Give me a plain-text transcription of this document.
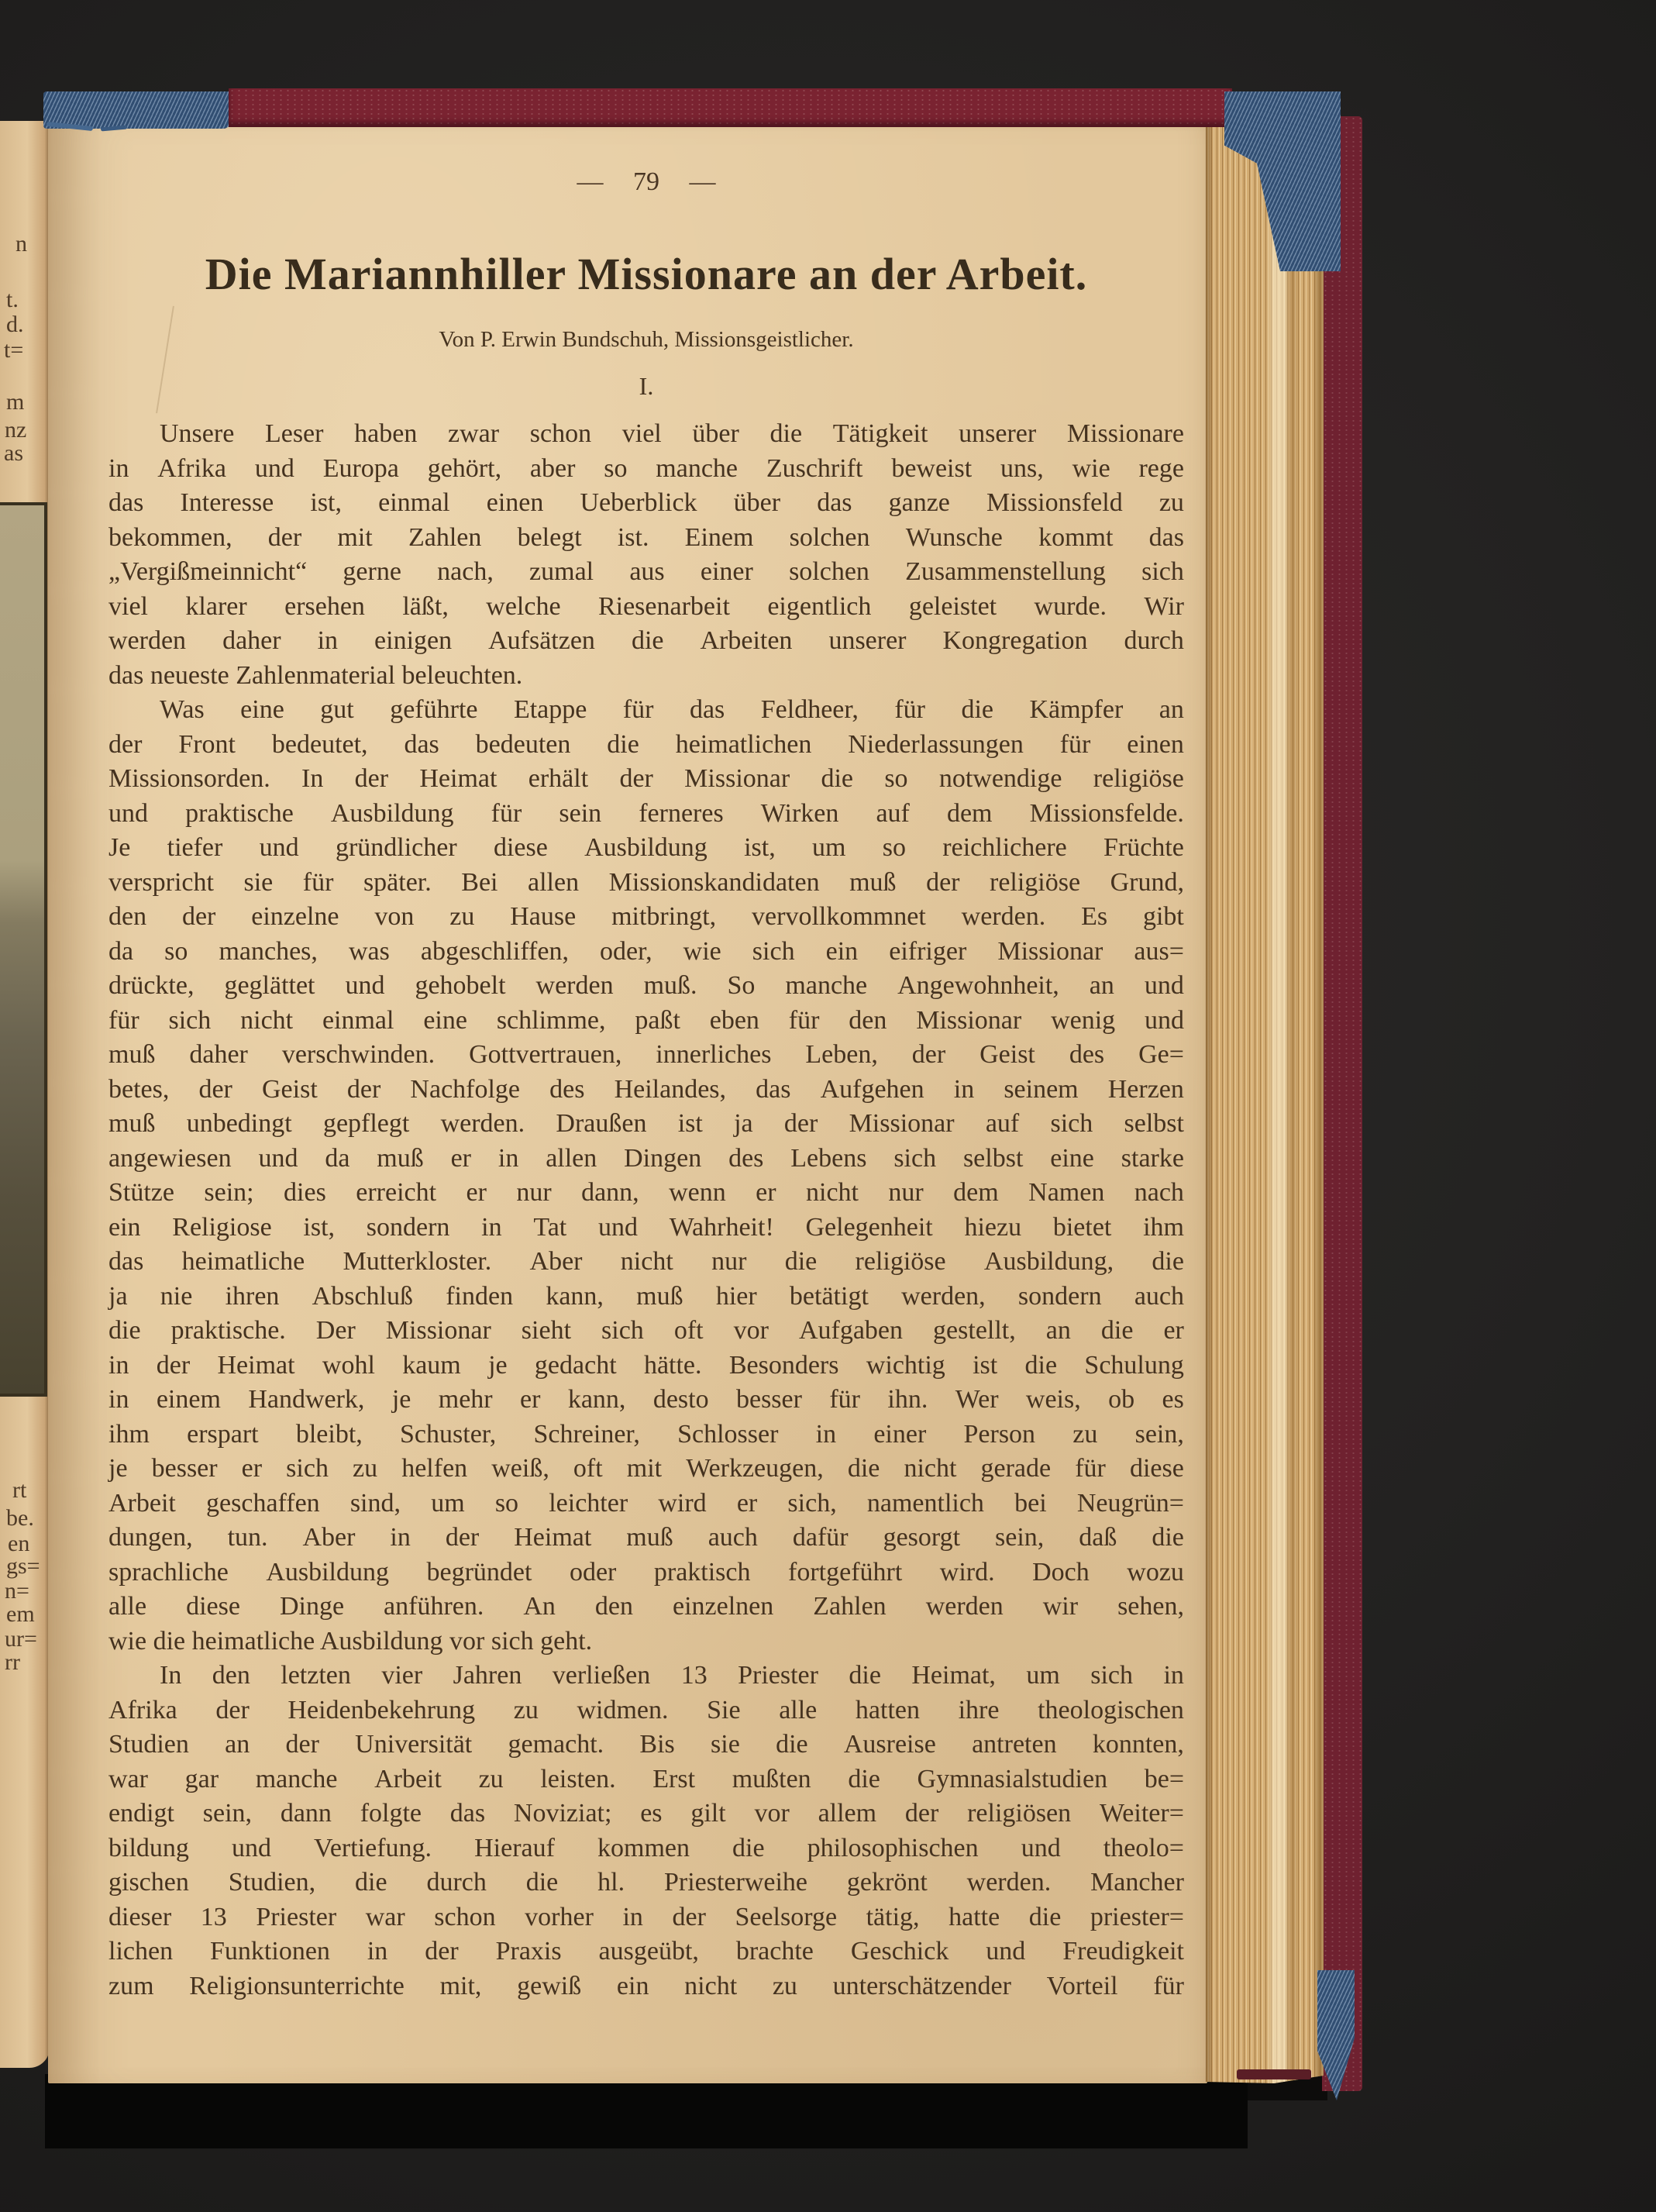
n
t.
d.
t=
m
nz
as
rt
be.
en
gs=
n=
em
ur=
rr
— 79 —
Die Mariannhiller Missionare an der Arbeit.
Von P. Erwin Bundschuh, Missionsgeistlicher.
I.
Unsere Leser haben zwar schon viel über die Tätigkeit unserer Missionare
in Afrika und Europa gehört, aber so manche Zuschrift beweist uns, wie rege
das Interesse ist, einmal einen Ueberblick über das ganze Missionsfeld zu
bekommen, der mit Zahlen belegt ist. Einem solchen Wunsche kommt das
„Vergißmeinnicht“ gerne nach, zumal aus einer solchen Zusammenstellung sich
viel klarer ersehen läßt, welche Riesenarbeit eigentlich geleistet wurde. Wir
werden daher in einigen Aufsätzen die Arbeiten unserer Kongregation durch
das neueste Zahlenmaterial beleuchten.
Was eine gut geführte Etappe für das Feldheer, für die Kämpfer an
der Front bedeutet, das bedeuten die heimatlichen Niederlassungen für einen
Missionsorden. In der Heimat erhält der Missionar die so notwendige religiöse
und praktische Ausbildung für sein ferneres Wirken auf dem Missionsfelde.
Je tiefer und gründlicher diese Ausbildung ist, um so reichlichere Früchte
verspricht sie für später. Bei allen Missionskandidaten muß der religiöse Grund,
den der einzelne von zu Hause mitbringt, vervollkommnet werden. Es gibt
da so manches, was abgeschliffen, oder, wie sich ein eifriger Missionar aus=
drückte, geglättet und gehobelt werden muß. So manche Angewohnheit, an und
für sich nicht einmal eine schlimme, paßt eben für den Missionar wenig und
muß daher verschwinden. Gottvertrauen, innerliches Leben, der Geist des Ge=
betes, der Geist der Nachfolge des Heilandes, das Aufgehen in seinem Herzen
muß unbedingt gepflegt werden. Draußen ist ja der Missionar auf sich selbst
angewiesen und da muß er in allen Dingen des Lebens sich selbst eine starke
Stütze sein; dies erreicht er nur dann, wenn er nicht nur dem Namen nach
ein Religiose ist, sondern in Tat und Wahrheit! Gelegenheit hiezu bietet ihm
das heimatliche Mutterkloster. Aber nicht nur die religiöse Ausbildung, die
ja nie ihren Abschluß finden kann, muß hier betätigt werden, sondern auch
die praktische. Der Missionar sieht sich oft vor Aufgaben gestellt, an die er
in der Heimat wohl kaum je gedacht hätte. Besonders wichtig ist die Schulung
in einem Handwerk, je mehr er kann, desto besser für ihn. Wer weis, ob es
ihm erspart bleibt, Schuster, Schreiner, Schlosser in einer Person zu sein,
je besser er sich zu helfen weiß, oft mit Werkzeugen, die nicht gerade für diese
Arbeit geschaffen sind, um so leichter wird er sich, namentlich bei Neugrün=
dungen, tun. Aber in der Heimat muß auch dafür gesorgt sein, daß die
sprachliche Ausbildung begründet oder praktisch fortgeführt wird. Doch wozu
alle diese Dinge anführen. An den einzelnen Zahlen werden wir sehen,
wie die heimatliche Ausbildung vor sich geht.
In den letzten vier Jahren verließen 13 Priester die Heimat, um sich in
Afrika der Heidenbekehrung zu widmen. Sie alle hatten ihre theologischen
Studien an der Universität gemacht. Bis sie die Ausreise antreten konnten,
war gar manche Arbeit zu leisten. Erst mußten die Gymnasialstudien be=
endigt sein, dann folgte das Noviziat; es gilt vor allem der religiösen Weiter=
bildung und Vertiefung. Hierauf kommen die philosophischen und theolo=
gischen Studien, die durch die hl. Priesterweihe gekrönt werden. Mancher
dieser 13 Priester war schon vorher in der Seelsorge tätig, hatte die priester=
lichen Funktionen in der Praxis ausgeübt, brachte Geschick und Freudigkeit
zum Religionsunterrichte mit, gewiß ein nicht zu unterschätzender Vorteil für
